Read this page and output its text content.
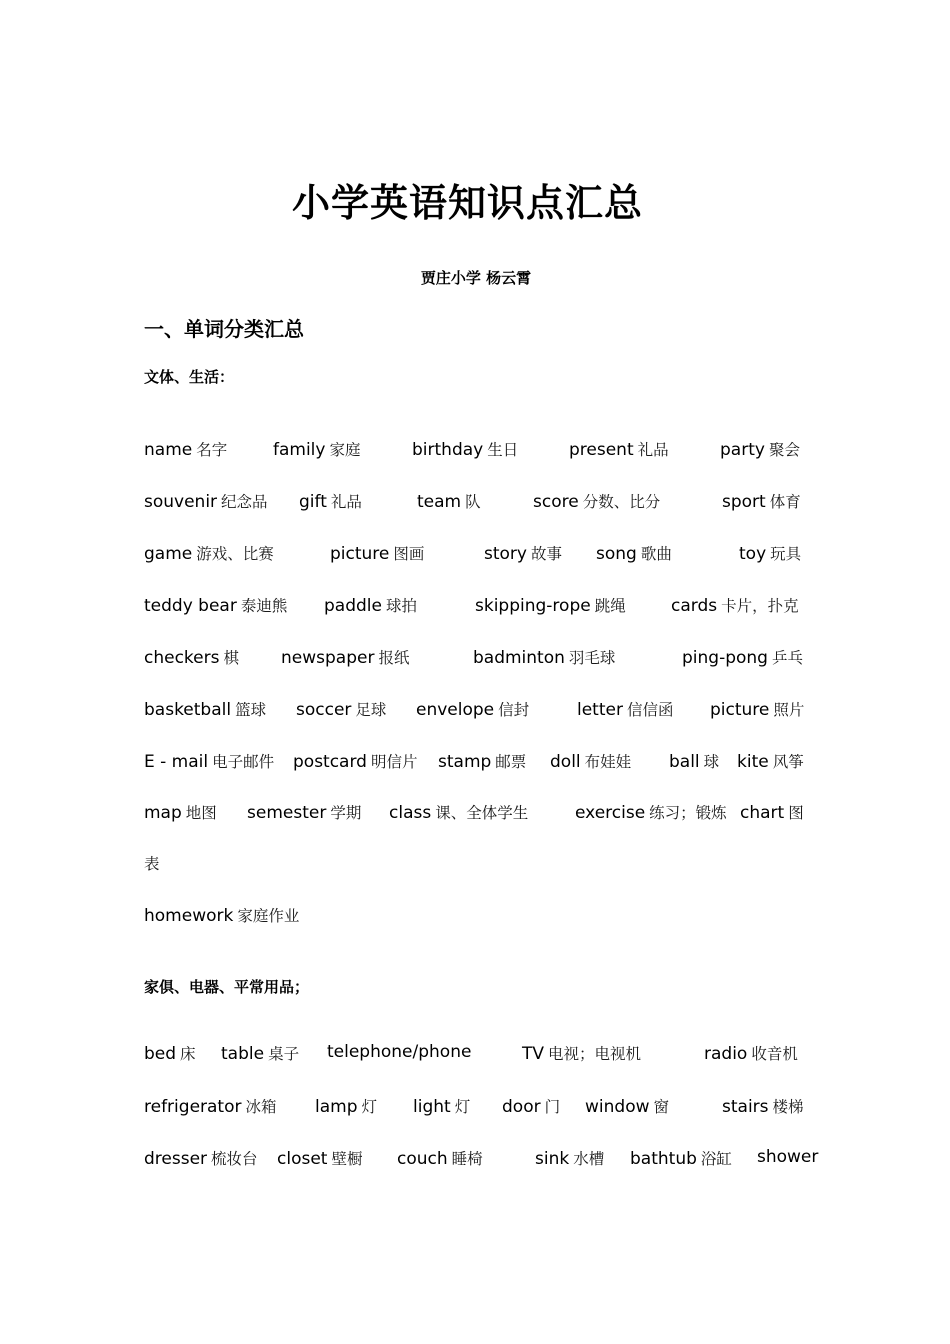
小学英语知识点汇总
贾庄小学 杨云霄
一、单词分类汇总
文体、生活：
家俱、电器、平常用品；
name 名字	family 家庭	birthday 生日	present 礼品	party 聚会
souvenir 纪念品 gift 礼品	team 队	score 分数、比分	sport 体育
game 游戏、比赛	picture 图画	story 故事 song 歌曲	toy 玩具
teddy bear 泰迪熊 paddle 球拍	skipping-rope 跳绳	cards 卡片，扑克
checkers 棋 newspaper 报纸	badminton 羽毛球	ping-pong 乒乓
basketball 篮球 soccer 足球 envelope 信封	letter 信信函 picture 照片
E - mail 电子邮件 postcard 明信片 stamp 邮票 doll 布娃娃 ball 球 kite 风筝
map 地图 semester 学期 class 课、全体学生	exercise 练习；锻炼 chart 图
表
homework 家庭作业
bed 床 table 桌子 telephone/phone	TV 电视；电视机	radio 收音机
refrigerator 冰箱 lamp 灯 light 灯 door 门 window 窗	stairs 楼梯
dresser 梳妆台 closet 壁橱 couch 睡椅	sink 水槽 bathtub 浴缸 shower
